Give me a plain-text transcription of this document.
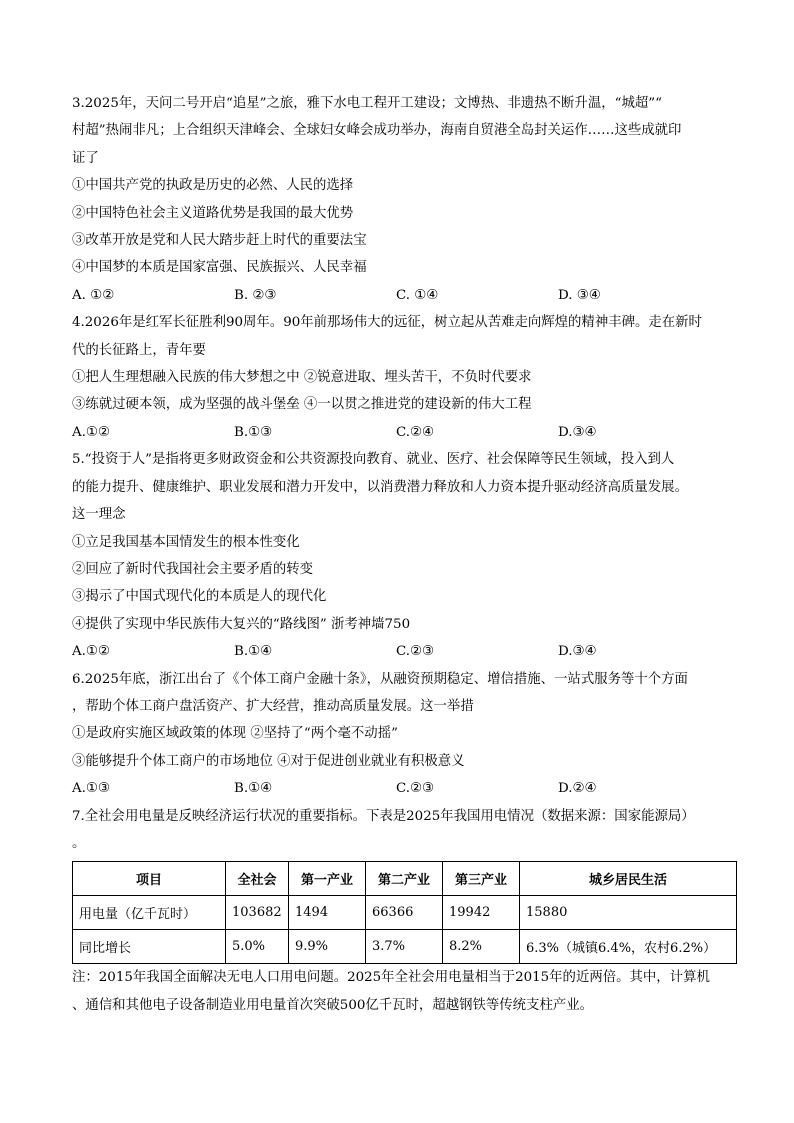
3.2025年，天问二号开启“追星”之旅，雅下水电工程开工建设；文博热、非遗热不断升温，“城超”“
村超”热闹非凡；上合组织天津峰会、全球妇女峰会成功举办，海南自贸港全岛封关运作……这些成就印
证了
①中国共产党的执政是历史的必然、人民的选择
②中国特色社会主义道路优势是我国的最大优势
③改革开放是党和人民大踏步赶上时代的重要法宝
④中国梦的本质是国家富强、民族振兴、人民幸福
A. ①②	B. ②③	C. ①④	D. ③④
4.2026年是红军长征胜利90周年。90年前那场伟大的远征，树立起从苦难走向辉煌的精神丰碑。走在新时
代的长征路上，青年要
①把人生理想融入民族的伟大梦想之中 ②锐意进取、埋头苦干，不负时代要求
③练就过硬本领，成为坚强的战斗堡垒 ④一以贯之推进党的建设新的伟大工程
A.①②	B.①③	C.②④	D.③④
5.“投资于人”是指将更多财政资金和公共资源投向教育、就业、医疗、社会保障等民生领域，投入到人
的能力提升、健康维护、职业发展和潜力开发中，以消费潜力释放和人力资本提升驱动经济高质量发展。
这一理念
①立足我国基本国情发生的根本性变化
②回应了新时代我国社会主要矛盾的转变
③揭示了中国式现代化的本质是人的现代化
④提供了实现中华民族伟大复兴的“路线图” 浙考神墙750
A.①②	B.①④	C.②③	D.③④
6.2025年底，浙江出台了《个体工商户金融十条》，从融资预期稳定、增信措施、一站式服务等十个方面
，帮助个体工商户盘活资产、扩大经营，推动高质量发展。这一举措
①是政府实施区域政策的体现 ②坚持了“两个毫不动摇”
③能够提升个体工商户的市场地位 ④对于促进创业就业有积极意义
A.①③	B.①④	C.②③	D.②④
7.全社会用电量是反映经济运行状况的重要指标。下表是2025年我国用电情况（数据来源：国家能源局）
。
项目	全社会	第一产业	第二产业	第三产业	城乡居民生活
用电量（亿千瓦时）	103682	1494	66366	19942	15880
同比增长	5.0%	9.9%	3.7%	8.2%	6.3%（城镇6.4%，农村6.2%）
注：2015年我国全面解决无电人口用电问题。2025年全社会用电量相当于2015年的近两倍。其中，计算机
、通信和其他电子设备制造业用电量首次突破500亿千瓦时，超越钢铁等传统支柱产业。
